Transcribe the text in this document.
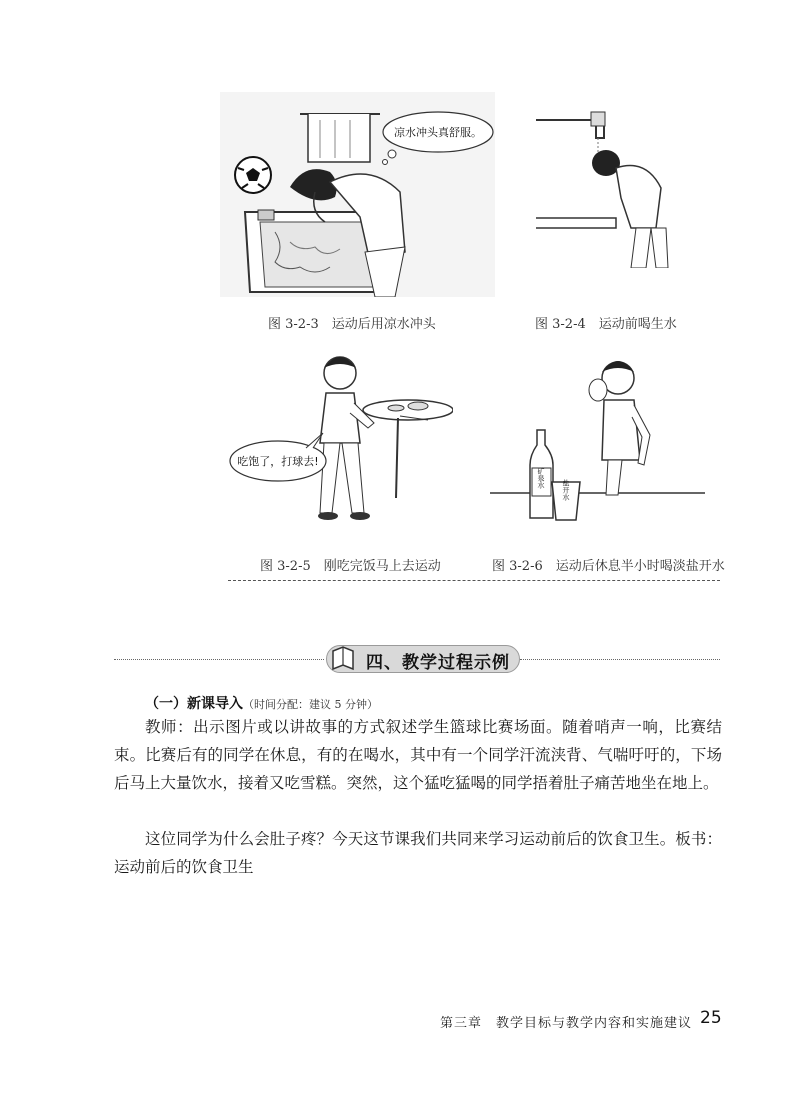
凉水冲头真舒服。
图 3-2-3　运动后用凉水冲头	图 3-2-4　运动前喝生水
吃饱了，打球去!
图 3-2-5　刚吃完饭马上去运动
矿泉水
盐开水
图 3-2-6　运动后休息半小时喝淡盐开水
四、教学过程示例
（一）新课导入（时间分配：建议 5 分钟）
教师：出示图片或以讲故事的方式叙述学生篮球比赛场面。随着哨声一响，比赛结束。比赛后有的同学在休息，有的在喝水，其中有一个同学汗流浃背、气喘吁吁的，下场后马上大量饮水，接着又吃雪糕。突然，这个猛吃猛喝的同学捂着肚子痛苦地坐在地上。
这位同学为什么会肚子疼？今天这节课我们共同来学习运动前后的饮食卫生。板书：运动前后的饮食卫生
第三章　教学目标与教学内容和实施建议 25
